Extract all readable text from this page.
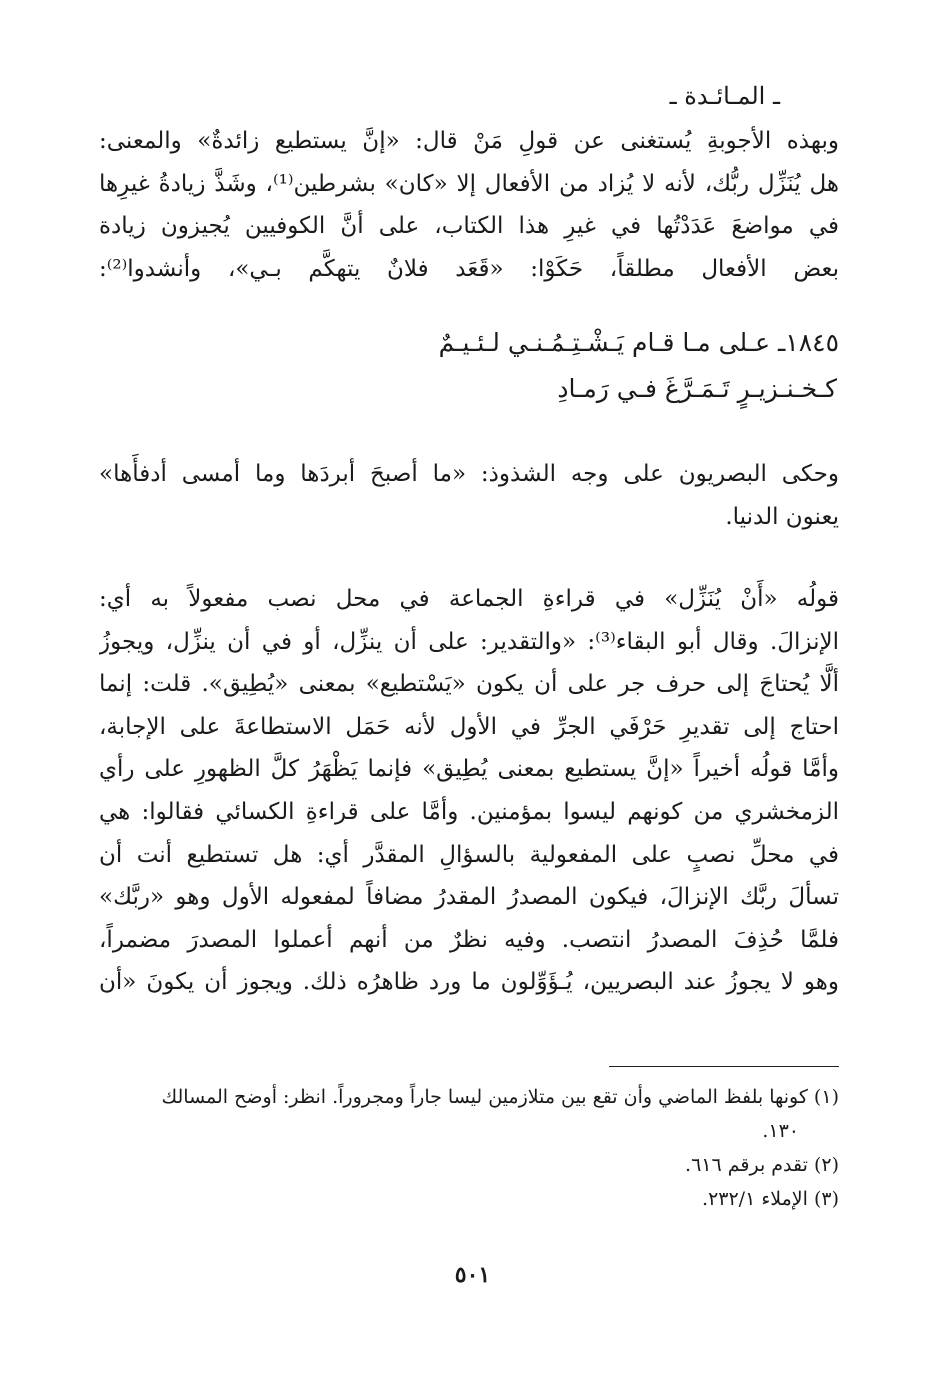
ـ المـائـدة ـ
وبهذه الأجوبةِ يُستغنى عن قولِ مَنْ قال: «إنَّ يستطيع زائدةٌ» والمعنى:
هل يُنَزِّل ربُّك، لأنه لا يُزاد من الأفعال إلا «كان» بشرطين⁽¹⁾، وشَذَّ زيادةُ غيرِها
في مواضعَ عَدَدْتُها في غيرِ هذا الكتاب، على أنَّ الكوفيين يُجيزون زيادة
بعض الأفعال مطلقاً، حَكَوْا: «قَعَد فلانٌ يتهكَّم بـي»، وأنشدوا⁽²⁾:
١٨٤٥ـ عـلى مـا قـام يَـشْـتِـمُـنـي لـئـيـمٌ
كـخـنـزيـرٍ تَـمَـرَّغَ فـي رَمـادِ
وحكى البصريون على وجه الشذوذ: «ما أصبحَ أبردَها وما أمسى أدفأَها»
يعنون الدنيا.
قولُه «أَنْ يُنَزِّل» في قراءةِ الجماعة في محل نصب مفعولاً به أي:
الإنزالَ. وقال أبو البقاء⁽³⁾: «والتقدير: على أن ينزِّل، أو في أن ينزِّل، ويجوزُ
ألَّا يُحتاجَ إلى حرف جر على أن يكون «يَسْتطيع» بمعنى «يُطِيق». قلت: إنما
احتاج إلى تقديرِ حَرْفَي الجرِّ في الأول لأنه حَمَل الاستطاعةَ على الإجابة،
وأمَّا قولُه أخيراً «إنَّ يستطيع بمعنى يُطِيق» فإنما يَظْهَرُ كلَّ الظهورِ على رأي
الزمخشري من كونهم ليسوا بمؤمنين. وأمَّا على قراءةِ الكسائي فقالوا: هي
في محلِّ نصبٍ على المفعولية بالسؤالِ المقدَّر أي: هل تستطيع أنت أن
تسألَ ربَّك الإنزالَ، فيكون المصدرُ المقدرُ مضافاً لمفعوله الأول وهو «ربَّك»
فلمَّا حُذِفَ المصدرُ انتصب. وفيه نظرٌ من أنهم أعملوا المصدرَ مضمراً،
وهو لا يجوزُ عند البصريين، يُـؤَوِّلون ما ورد ظاهرُه ذلك. ويجوز أن يكونَ «أن
(١) كونها بلفظ الماضي وأن تقع بين متلازمين ليسا جاراً ومجروراً. انظر: أوضح المسالك
١٣٠.
(٢) تقدم برقم ٦١٦.
(٣) الإملاء ٢٣٢/١.
٥٠١
